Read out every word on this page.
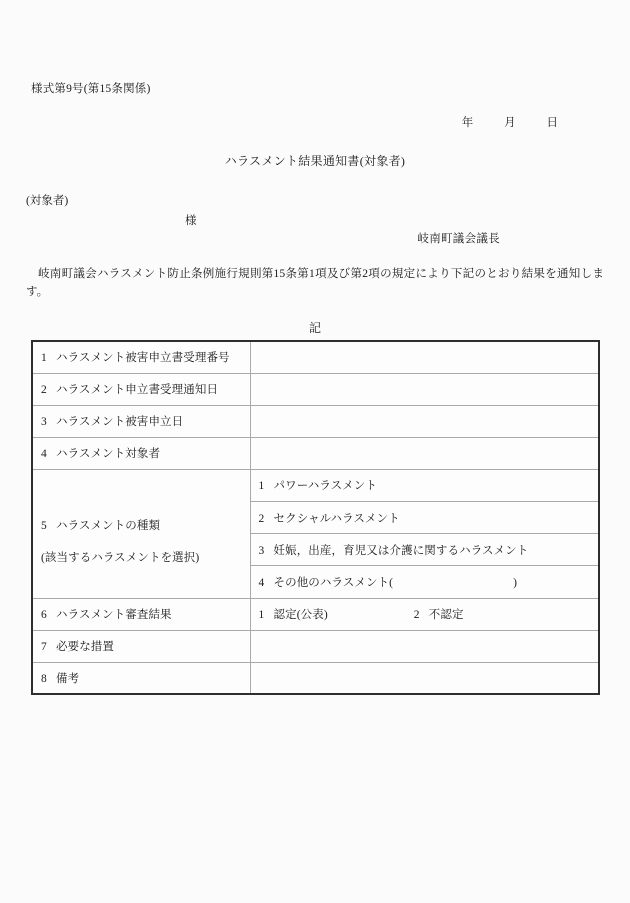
様式第9号(第15条関係)
年	月	日
ハラスメント結果通知書(対象者)
(対象者)
様
岐南町議会議長
岐南町議会ハラスメント防止条例施行規則第15条第1項及び第2項の規定により下記のとおり結果を通知します。
記
1 ハラスメント被害申立書受理番号	
2 ハラスメント申立書受理通知日	
3 ハラスメント被害申立日	
4 ハラスメント対象者	

5 ハラスメントの種類

(該当するハラスメントを選択)

1 パワーハラスメント
2 セクシャルハラスメント
3 妊娠，出産，育児又は介護に関するハラスメント
4 その他のハラスメント(	)

6 ハラスメント審査結果	1 認定(公表)	2 不認定
7 必要な措置	
8 備考	
